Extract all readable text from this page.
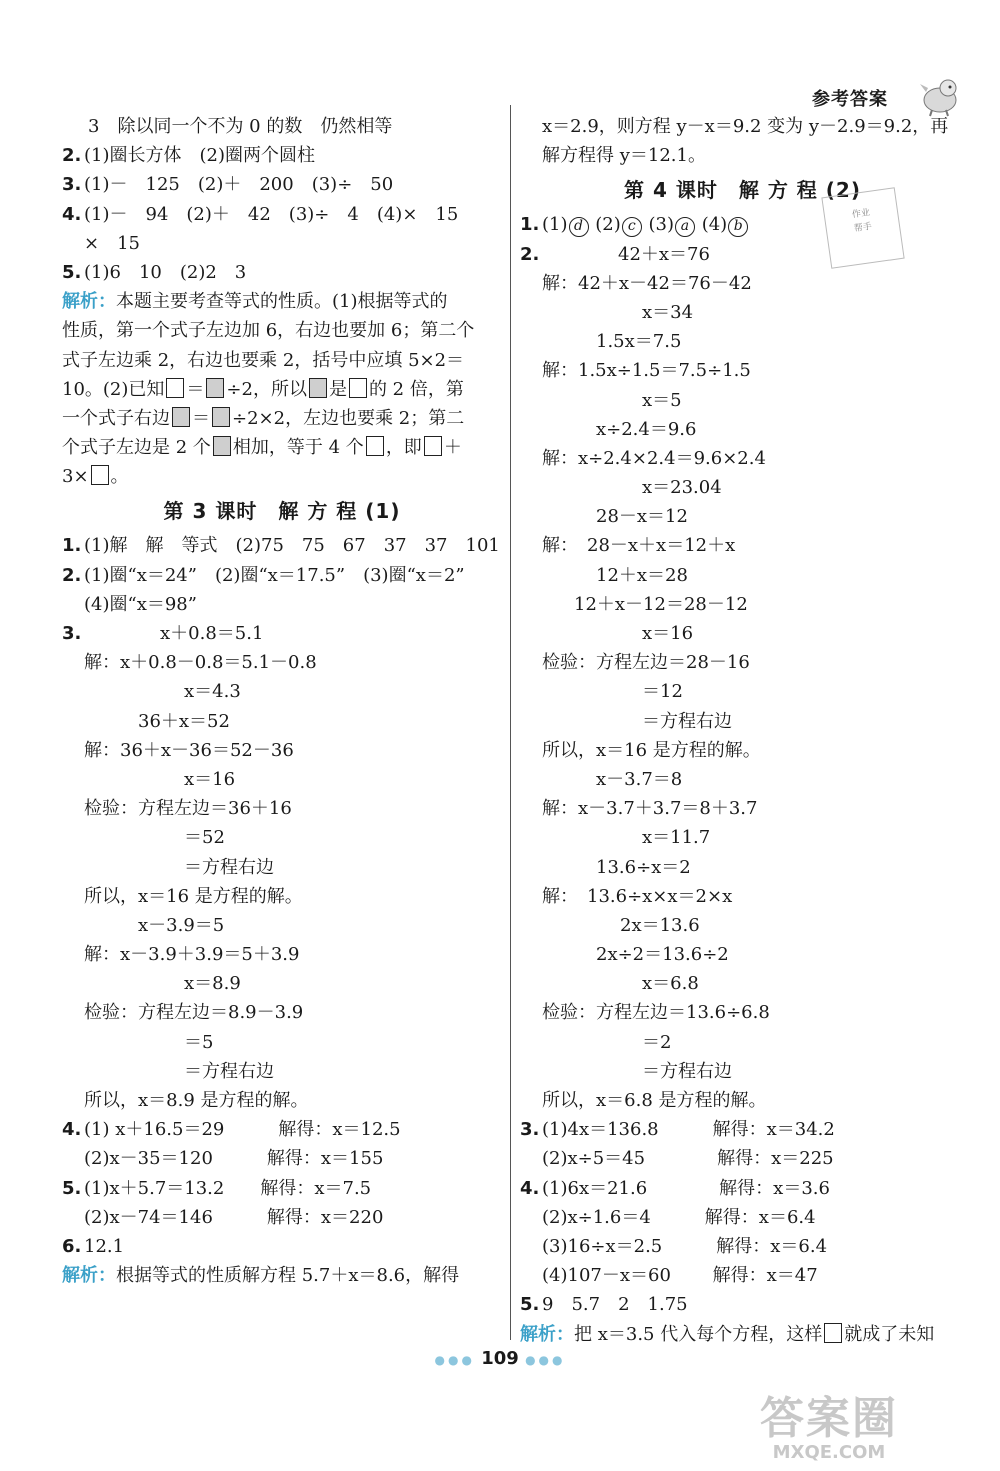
参考答案
3　除以同一个不为 0 的数　仍然相等
2. (1)圈长方体　(2)圈两个圆柱
3. (1)－　125　(2)＋　200　(3)÷　50
4. (1)－　94　(2)＋　42　(3)÷　4　(4)×　15
×　15
5. (1)6　10　(2)2　3
解析：本题主要考查等式的性质。(1)根据等式的
性质，第一个式子左边加 6，右边也要加 6；第二个
式子左边乘 2，右边也要乘 2，括号中应填 5×2＝
10。(2)已知 ＝ ÷2，所以 是 的 2 倍，第
一个式子右边 ＝ ÷2×2，左边也要乘 2；第二
个式子左边是 2 个 相加，等于 4 个 ，即 ＋
3× 。
第 3 课时　解 方 程 (1)
1. (1)解　解　等式　(2)75　75　67　37　37　101
2. (1)圈“x＝24”　(2)圈“x＝17.5”　(3)圈“x＝2”
(4)圈“x＝98”
3.	x＋0.8＝5.1
解：x＋0.8－0.8＝5.1－0.8
x＝4.3
36＋x＝52
解：36＋x－36＝52－36
x＝16
检验：方程左边＝36＋16
＝52
＝方程右边
所以，x＝16 是方程的解。
x－3.9＝5
解：x－3.9＋3.9＝5＋3.9
x＝8.9
检验：方程左边＝8.9－3.9
＝5
＝方程右边
所以，x＝8.9 是方程的解。
4. (1) x＋16.5＝29　　　解得：x＝12.5
(2)x－35＝120　　　解得：x＝155
5. (1)x＋5.7＝13.2　　解得：x＝7.5
(2)x－74＝146　　　解得：x＝220
6. 12.1
解析：根据等式的性质解方程 5.7＋x＝8.6，解得
x＝2.9，则方程 y－x＝9.2 变为 y－2.9＝9.2，再
解方程得 y＝12.1。
第 4 课时　解 方 程 (2)
1. (1) d (2) c (3) a (4) b
2.	42＋x＝76
解：42＋x－42＝76－42
x＝34
1.5x＝7.5
解：1.5x÷1.5＝7.5÷1.5
x＝5
x÷2.4＝9.6
解：x÷2.4×2.4＝9.6×2.4
x＝23.04
28－x＝12
解：　28－x＋x＝12＋x
12＋x＝28
12＋x－12＝28－12
x＝16
检验：方程左边＝28－16
＝12
＝方程右边
所以，x＝16 是方程的解。
x－3.7＝8
解：x－3.7＋3.7＝8＋3.7
x＝11.7
13.6÷x＝2
解：　13.6÷x×x＝2×x
2x＝13.6
2x÷2＝13.6÷2
x＝6.8
检验：方程左边＝13.6÷6.8
＝2
＝方程右边
所以，x＝6.8 是方程的解。
3. (1)4x＝136.8　　　解得：x＝34.2
(2)x÷5＝45　　　　解得：x＝225
4. (1)6x＝21.6　　　　解得：x＝3.6
(2)x÷1.6＝4　　　解得：x＝6.4
(3)16÷x＝2.5　　　解得：x＝6.4
(4)107－x＝60　　 解得：x＝47
5. 9　5.7　2　1.75
解析：把 x＝3.5 代入每个方程，这样 就成了未知
作业
帮手
●●● 109 ●●●
答案圈
MXQE.COM
